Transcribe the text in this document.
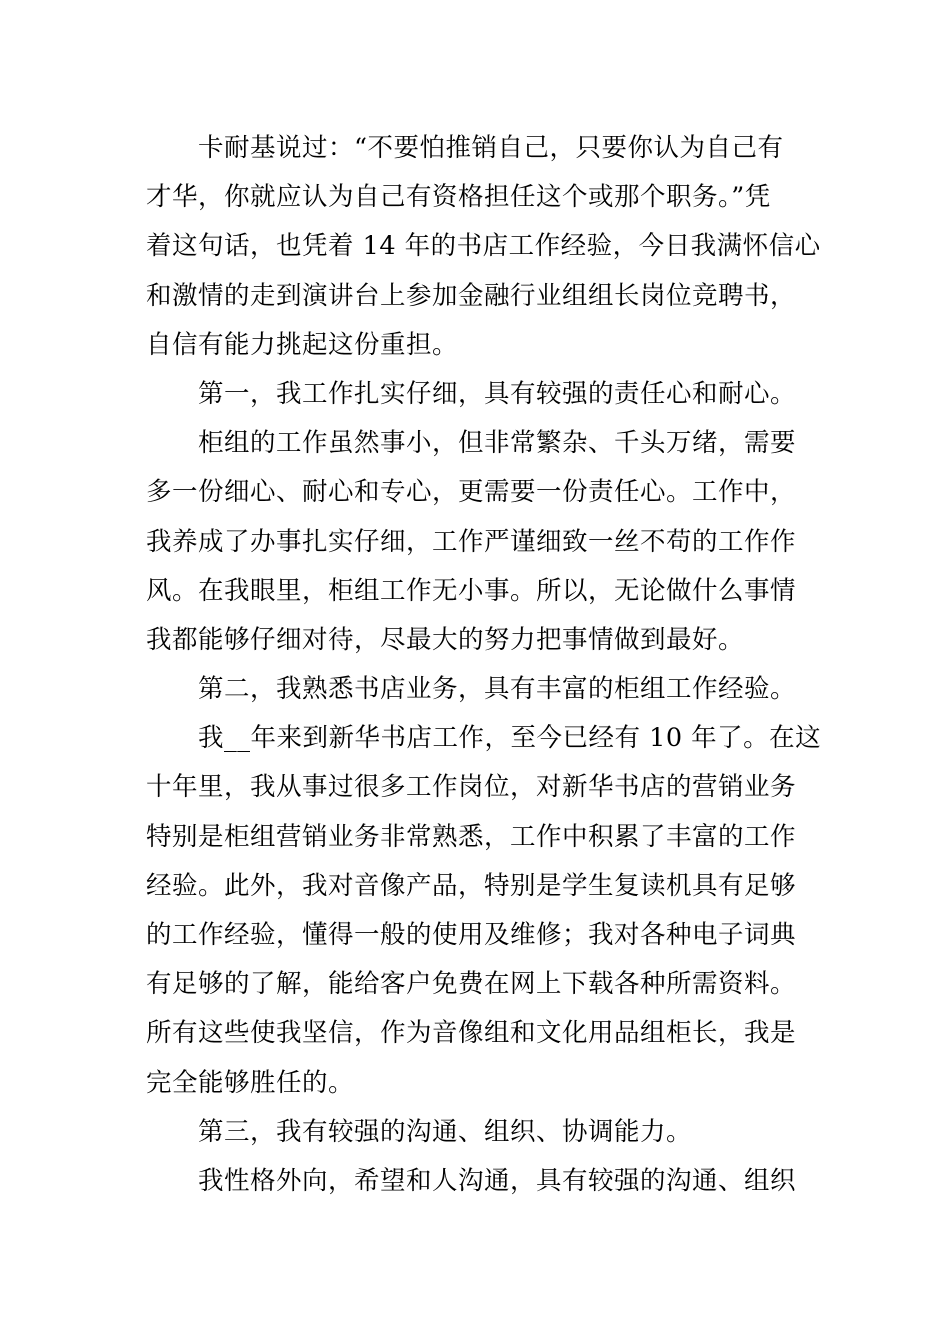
卡耐基说过：“不要怕推销自己，只要你认为自己有
才华，你就应认为自己有资格担任这个或那个职务。”凭
着这句话，也凭着 14 年的书店工作经验，今日我满怀信心
和激情的走到演讲台上参加金融行业组组长岗位竞聘书，
自信有能力挑起这份重担。

第一，我工作扎实仔细，具有较强的责任心和耐心。

柜组的工作虽然事小，但非常繁杂、千头万绪，需要
多一份细心、耐心和专心，更需要一份责任心。工作中，
我养成了办事扎实仔细，工作严谨细致一丝不苟的工作作
风。在我眼里，柜组工作无小事。所以，无论做什么事情
我都能够仔细对待，尽最大的努力把事情做到最好。

第二，我熟悉书店业务，具有丰富的柜组工作经验。

我__年来到新华书店工作，至今已经有 10 年了。在这
十年里，我从事过很多工作岗位，对新华书店的营销业务
特别是柜组营销业务非常熟悉，工作中积累了丰富的工作
经验。此外，我对音像产品，特别是学生复读机具有足够
的工作经验，懂得一般的使用及维修；我对各种电子词典
有足够的了解，能给客户免费在网上下载各种所需资料。
所有这些使我坚信，作为音像组和文化用品组柜长，我是
完全能够胜任的。

第三，我有较强的沟通、组织、协调能力。

我性格外向，希望和人沟通，具有较强的沟通、组织
